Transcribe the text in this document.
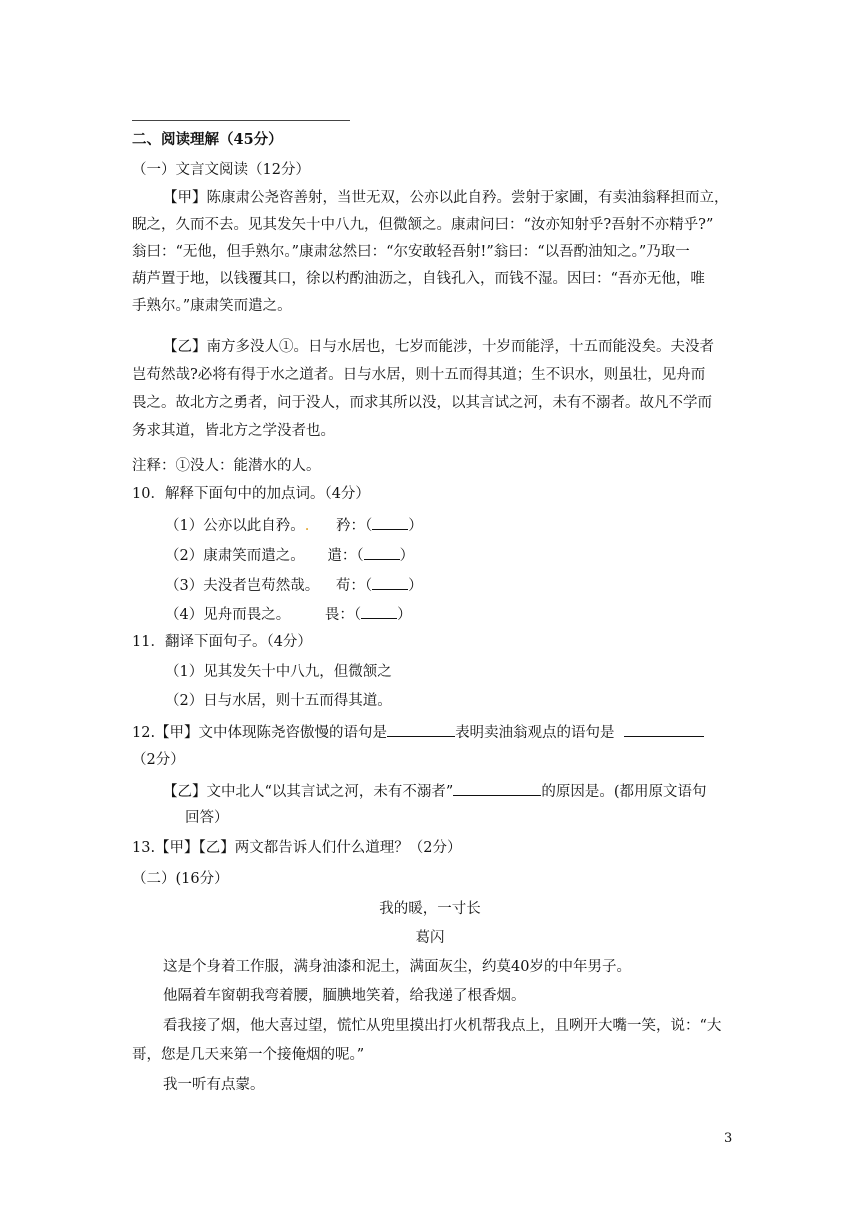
二、阅读理解（45分）
（一）文言文阅读（12分）
【甲】陈康肃公尧咨善射，当世无双，公亦以此自矜。尝射于家圃，有卖油翁释担而立，
睨之，久而不去。见其发矢十中八九，但微颔之。康肃问曰：“汝亦知射乎?吾射不亦精乎?”
翁曰：“无他，但手熟尔。”康肃忿然曰：“尔安敢轻吾射!”翁曰：“以吾酌油知之。”乃取一
葫芦置于地，以钱覆其口，徐以杓酌油沥之，自钱孔入，而钱不湿。因曰：“吾亦无他，唯
手熟尔。”康肃笑而遣之。
【乙】南方多没人①。日与水居也，七岁而能涉，十岁而能浮，十五而能没矣。夫没者
岂苟然哉?必将有得于水之道者。日与水居，则十五而得其道；生不识水，则虽壮，见舟而
畏之。故北方之勇者，问于没人，而求其所以没，以其言试之河，未有不溺者。故凡不学而
务求其道，皆北方之学没者也。
注释：①没人：能潜水的人。
10．解释下面句中的加点词。（4分）
（1）公亦以此自矜。. 矜：（ ）
（2）康肃笑而遣之。 遣：（ ）
（3）夫没者岂苟然哉。 苟：（ ）
（4）见舟而畏之。 畏：（ ）
11．翻译下面句子。（4分）
（1）见其发矢十中八九，但微颔之
（2）日与水居，则十五而得其道。
12.【甲】文中体现陈尧咨傲慢的语句是	表明卖油翁观点的语句是
（2分）
【乙】文中北人“以其言试之河，未有不溺者”	的原因是。(都用原文语句
回答）
13.【甲】【乙】两文都告诉人们什么道理？（2分）
（二）(16分）
我的暖，一寸长
葛闪
这是个身着工作服，满身油漆和泥土，满面灰尘，约莫40岁的中年男子。
他隔着车窗朝我弯着腰，腼腆地笑着，给我递了根香烟。
看我接了烟，他大喜过望，慌忙从兜里摸出打火机帮我点上，且咧开大嘴一笑，说：“大
哥，您是几天来第一个接俺烟的呢。”
我一听有点蒙。
3
